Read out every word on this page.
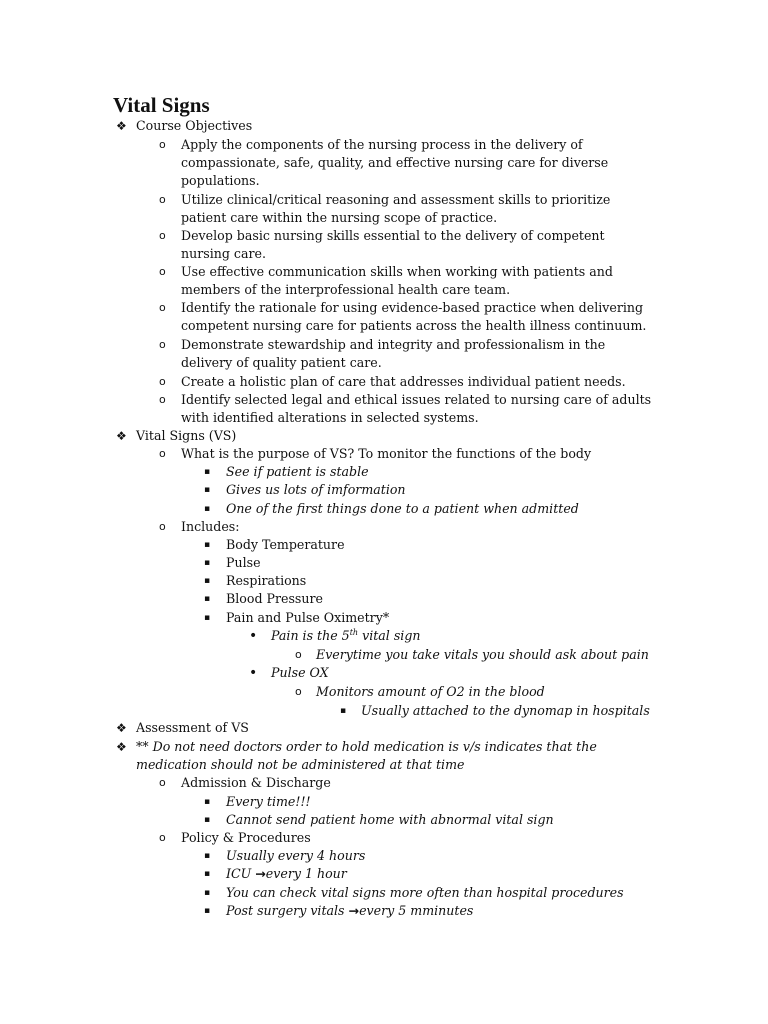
Vital Signs
❖ Course Objectives
o Apply the components of the nursing process in the delivery of
compassionate, safe, quality, and effective nursing care for diverse
populations.
o Utilize clinical/critical reasoning and assessment skills to prioritize
patient care within the nursing scope of practice.
o Develop basic nursing skills essential to the delivery of competent
nursing care.
o Use effective communication skills when working with patients and
members of the interprofessional health care team.
o Identify the rationale for using evidence-based practice when delivering
competent nursing care for patients across the health illness continuum.
o Demonstrate stewardship and integrity and professionalism in the
delivery of quality patient care.
o Create a holistic plan of care that addresses individual patient needs.
o Identify selected legal and ethical issues related to nursing care of adults
with identified alterations in selected systems.
❖ Vital Signs (VS)
o What is the purpose of VS? To monitor the functions of the body
▪ See if patient is stable
▪ Gives us lots of imformation
▪ One of the first things done to a patient when admitted
o Includes:
▪ Body Temperature
▪ Pulse
▪ Respirations
▪ Blood Pressure
▪ Pain and Pulse Oximetry*
• Pain is the 5th vital sign
o Everytime you take vitals you should ask about pain
• Pulse OX
o Monitors amount of O2 in the blood
▪ Usually attached to the dynomap in hospitals
❖ Assessment of VS
❖ ** Do not need doctors order to hold medication is v/s indicates that the
medication should not be administered at that time
o Admission & Discharge
▪ Every time!!!
▪ Cannot send patient home with abnormal vital sign
o Policy & Procedures
▪ Usually every 4 hours
▪ ICU →every 1 hour
▪ You can check vital signs more often than hospital procedures
▪ Post surgery vitals →every 5 mminutes
